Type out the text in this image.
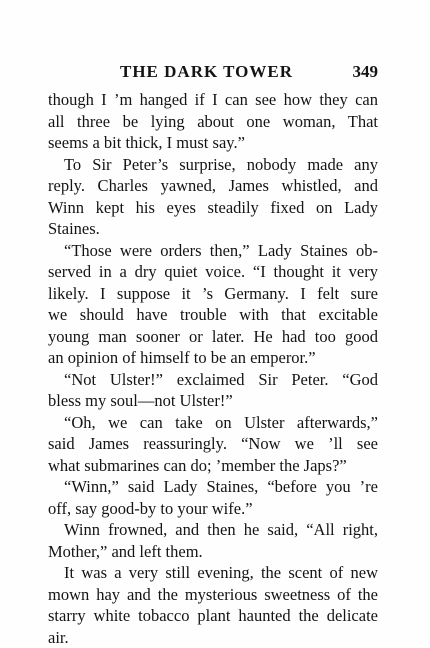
THE DARK TOWER	349
though I ’m hanged if I can see how they can
all three be lying about one woman, That
seems a bit thick, I must say.”
To Sir Peter’s surprise, nobody made any
reply. Charles yawned, James whistled, and
Winn kept his eyes steadily fixed on Lady
Staines.
“Those were orders then,” Lady Staines ob-
served in a dry quiet voice. “I thought it very
likely. I suppose it ’s Germany. I felt sure
we should have trouble with that excitable
young man sooner or later. He had too good
an opinion of himself to be an emperor.”
“Not Ulster!” exclaimed Sir Peter. “God
bless my soul—not Ulster!”
“Oh, we can take on Ulster afterwards,”
said James reassuringly. “Now we ’ll see
what submarines can do; ’member the Japs?”
“Winn,” said Lady Staines, “before you ’re
off, say good-by to your wife.”
Winn frowned, and then he said, “All right,
Mother,” and left them.
It was a very still evening, the scent of new
mown hay and the mysterious sweetness of the
starry white tobacco plant haunted the delicate
air.
